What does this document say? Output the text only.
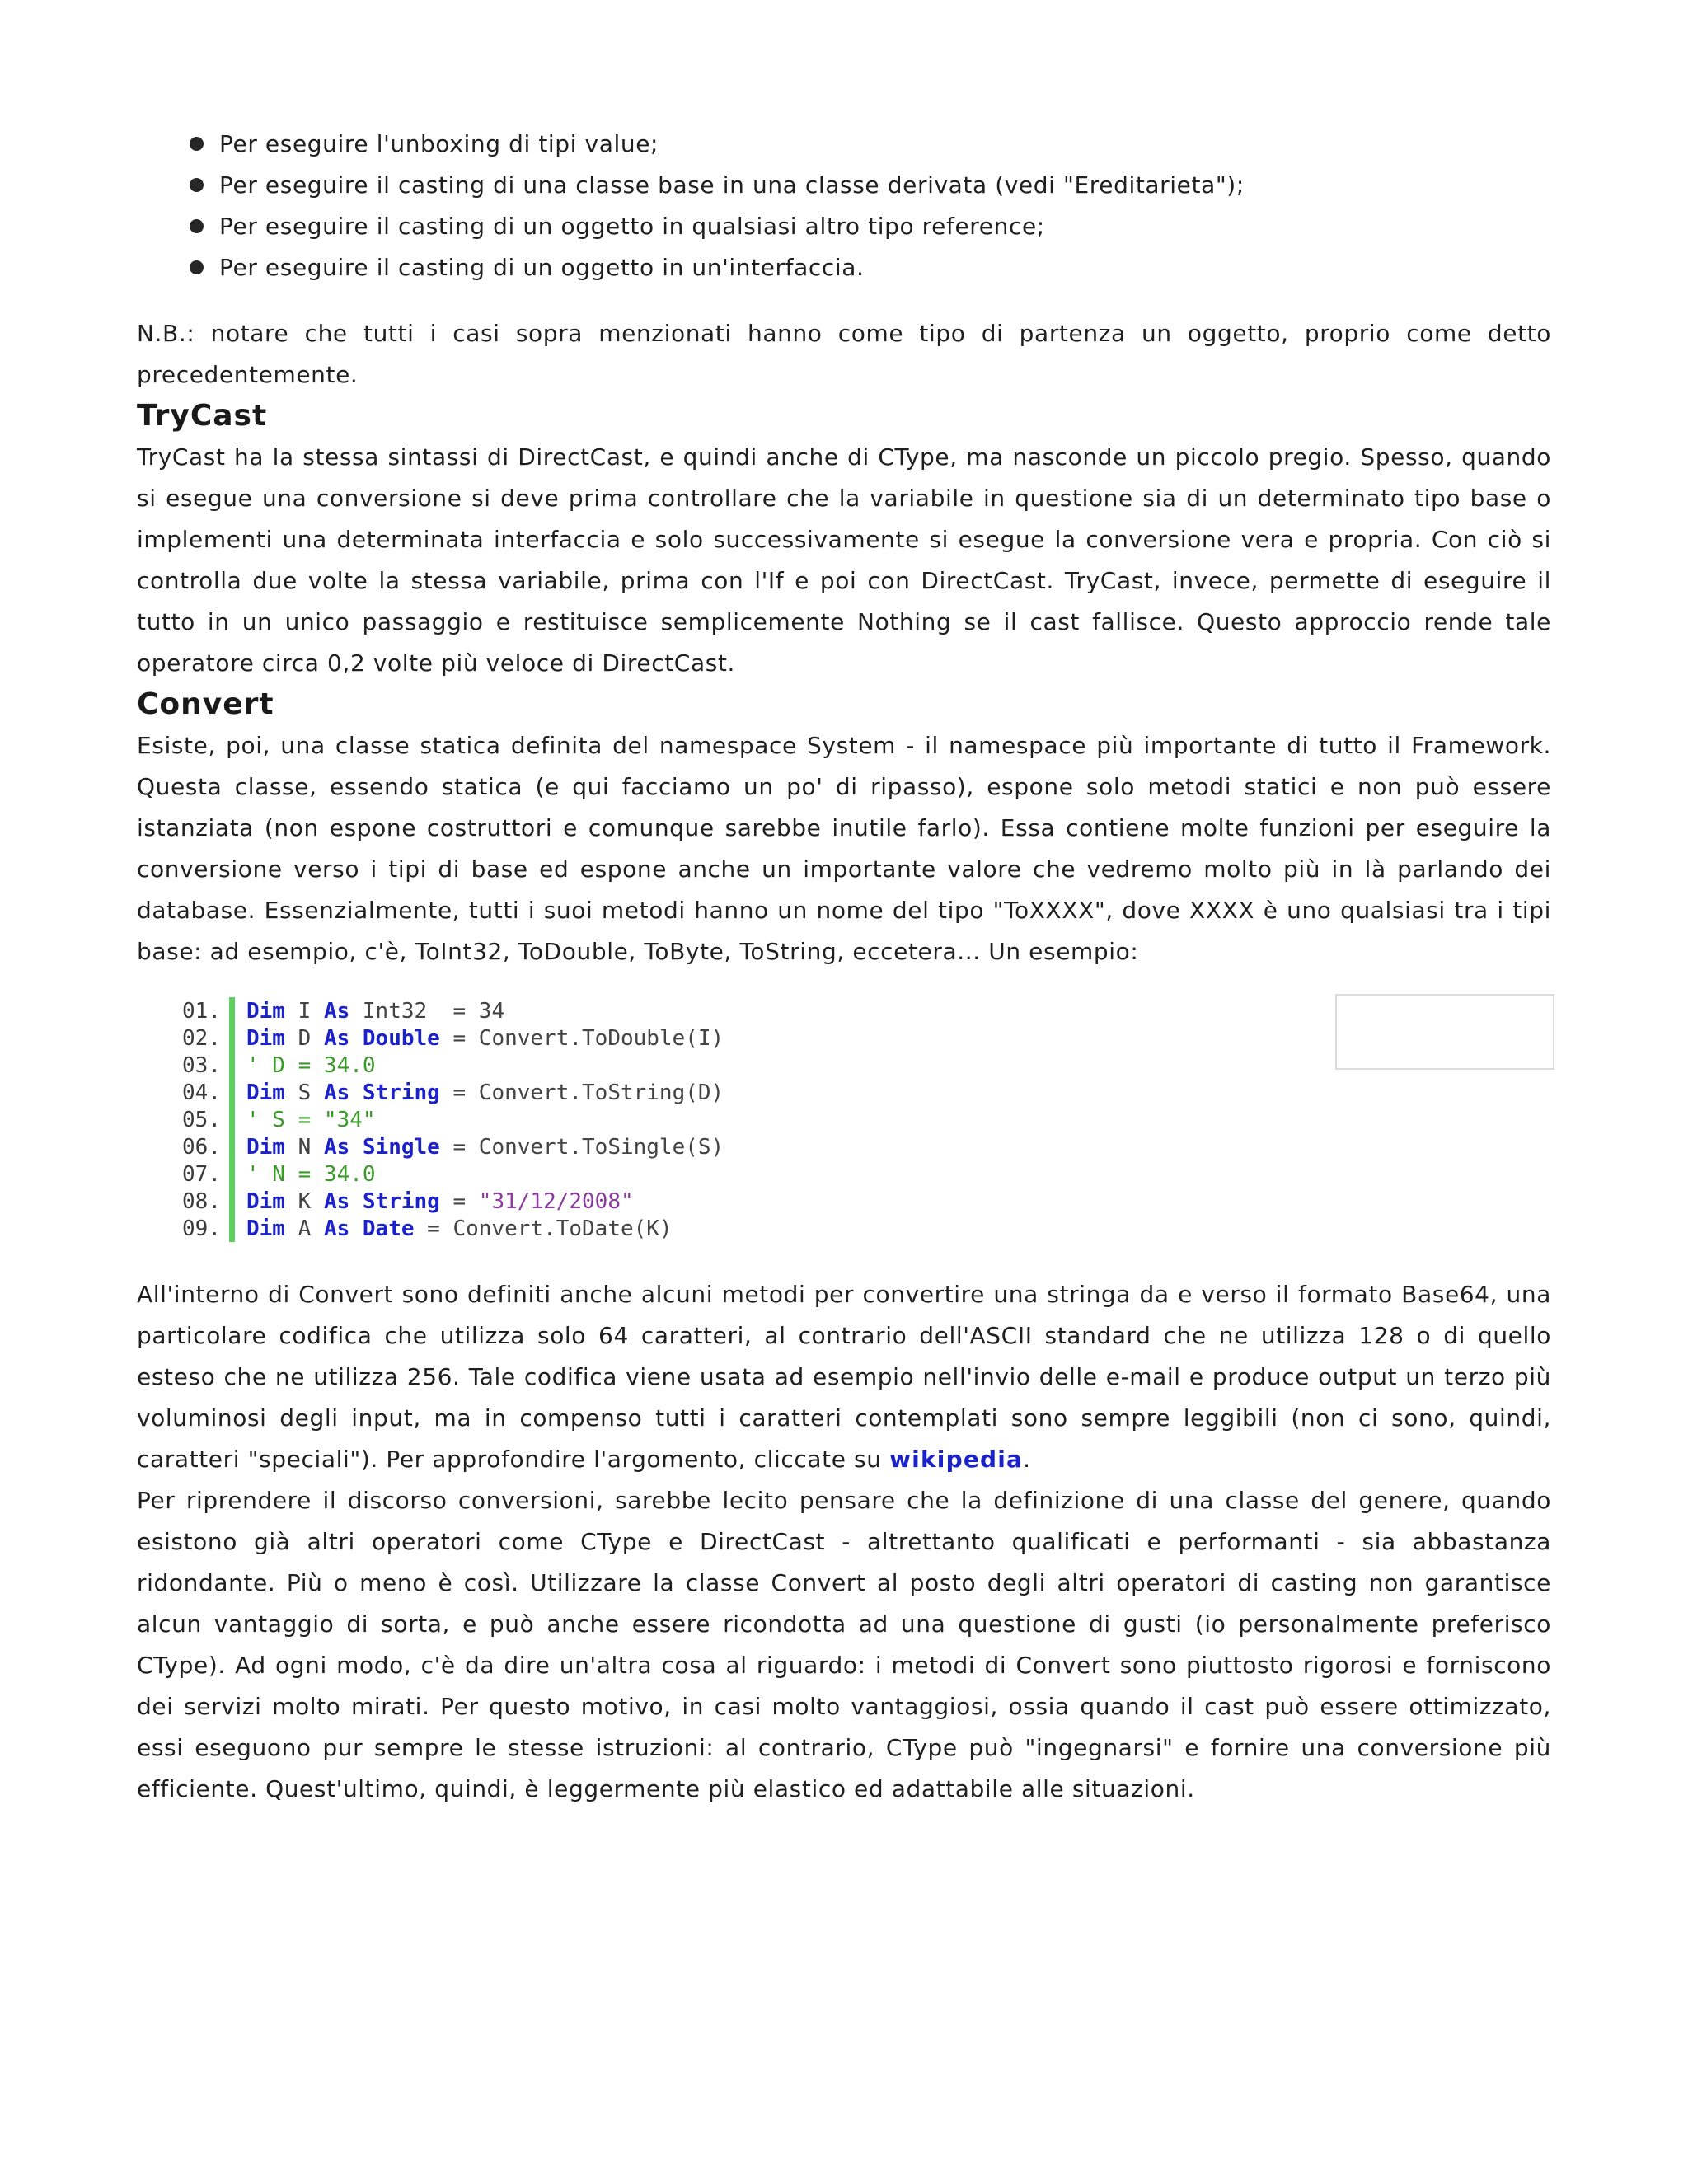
Per eseguire l'unboxing di tipi value;
Per eseguire il casting di una classe base in una classe derivata (vedi "Ereditarieta");
Per eseguire il casting di un oggetto in qualsiasi altro tipo reference;
Per eseguire il casting di un oggetto in un'interfaccia.

N.B.: notare che tutti i casi sopra menzionati hanno come tipo di partenza un oggetto, proprio come detto precedentemente.

TryCast

TryCast ha la stessa sintassi di DirectCast, e quindi anche di CType, ma nasconde un piccolo pregio. Spesso, quando si esegue una conversione si deve prima controllare che la variabile in questione sia di un determinato tipo base o implementi una determinata interfaccia e solo successivamente si esegue la conversione vera e propria. Con ciò si controlla due volte la stessa variabile, prima con l'If e poi con DirectCast. TryCast, invece, permette di eseguire il tutto in un unico passaggio e restituisce semplicemente Nothing se il cast fallisce. Questo approccio rende tale operatore circa 0,2 volte più veloce di DirectCast.

Convert

Esiste, poi, una classe statica definita del namespace System - il namespace più importante di tutto il Framework. Questa classe, essendo statica (e qui facciamo un po' di ripasso), espone solo metodi statici e non può essere istanziata (non espone costruttori e comunque sarebbe inutile farlo). Essa contiene molte funzioni per eseguire la conversione verso i tipi di base ed espone anche un importante valore che vedremo molto più in là parlando dei database. Essenzialmente, tutti i suoi metodi hanno un nome del tipo "ToXXXX", dove XXXX è uno qualsiasi tra i tipi base: ad esempio, c'è, ToInt32, ToDouble, ToByte, ToString, eccetera... Un esempio:

01. Dim I As Int32  = 34
02. Dim D As Double = Convert.ToDouble(I)
03. ' D = 34.0
04. Dim S As String = Convert.ToString(D)
05. ' S = "34"
06. Dim N As Single = Convert.ToSingle(S)
07. ' N = 34.0
08. Dim K As String = "31/12/2008"
09. Dim A As Date = Convert.ToDate(K)

All'interno di Convert sono definiti anche alcuni metodi per convertire una stringa da e verso il formato Base64, una particolare codifica che utilizza solo 64 caratteri, al contrario dell'ASCII standard che ne utilizza 128 o di quello esteso che ne utilizza 256. Tale codifica viene usata ad esempio nell'invio delle e-mail e produce output un terzo più voluminosi degli input, ma in compenso tutti i caratteri contemplati sono sempre leggibili (non ci sono, quindi, caratteri "speciali"). Per approfondire l'argomento, cliccate su wikipedia.

Per riprendere il discorso conversioni, sarebbe lecito pensare che la definizione di una classe del genere, quando esistono già altri operatori come CType e DirectCast - altrettanto qualificati e performanti - sia abbastanza ridondante. Più o meno è così. Utilizzare la classe Convert al posto degli altri operatori di casting non garantisce alcun vantaggio di sorta, e può anche essere ricondotta ad una questione di gusti (io personalmente preferisco CType). Ad ogni modo, c'è da dire un'altra cosa al riguardo: i metodi di Convert sono piuttosto rigorosi e forniscono dei servizi molto mirati. Per questo motivo, in casi molto vantaggiosi, ossia quando il cast può essere ottimizzato, essi eseguono pur sempre le stesse istruzioni: al contrario, CType può "ingegnarsi" e fornire una conversione più efficiente. Quest'ultimo, quindi, è leggermente più elastico ed adattabile alle situazioni.
